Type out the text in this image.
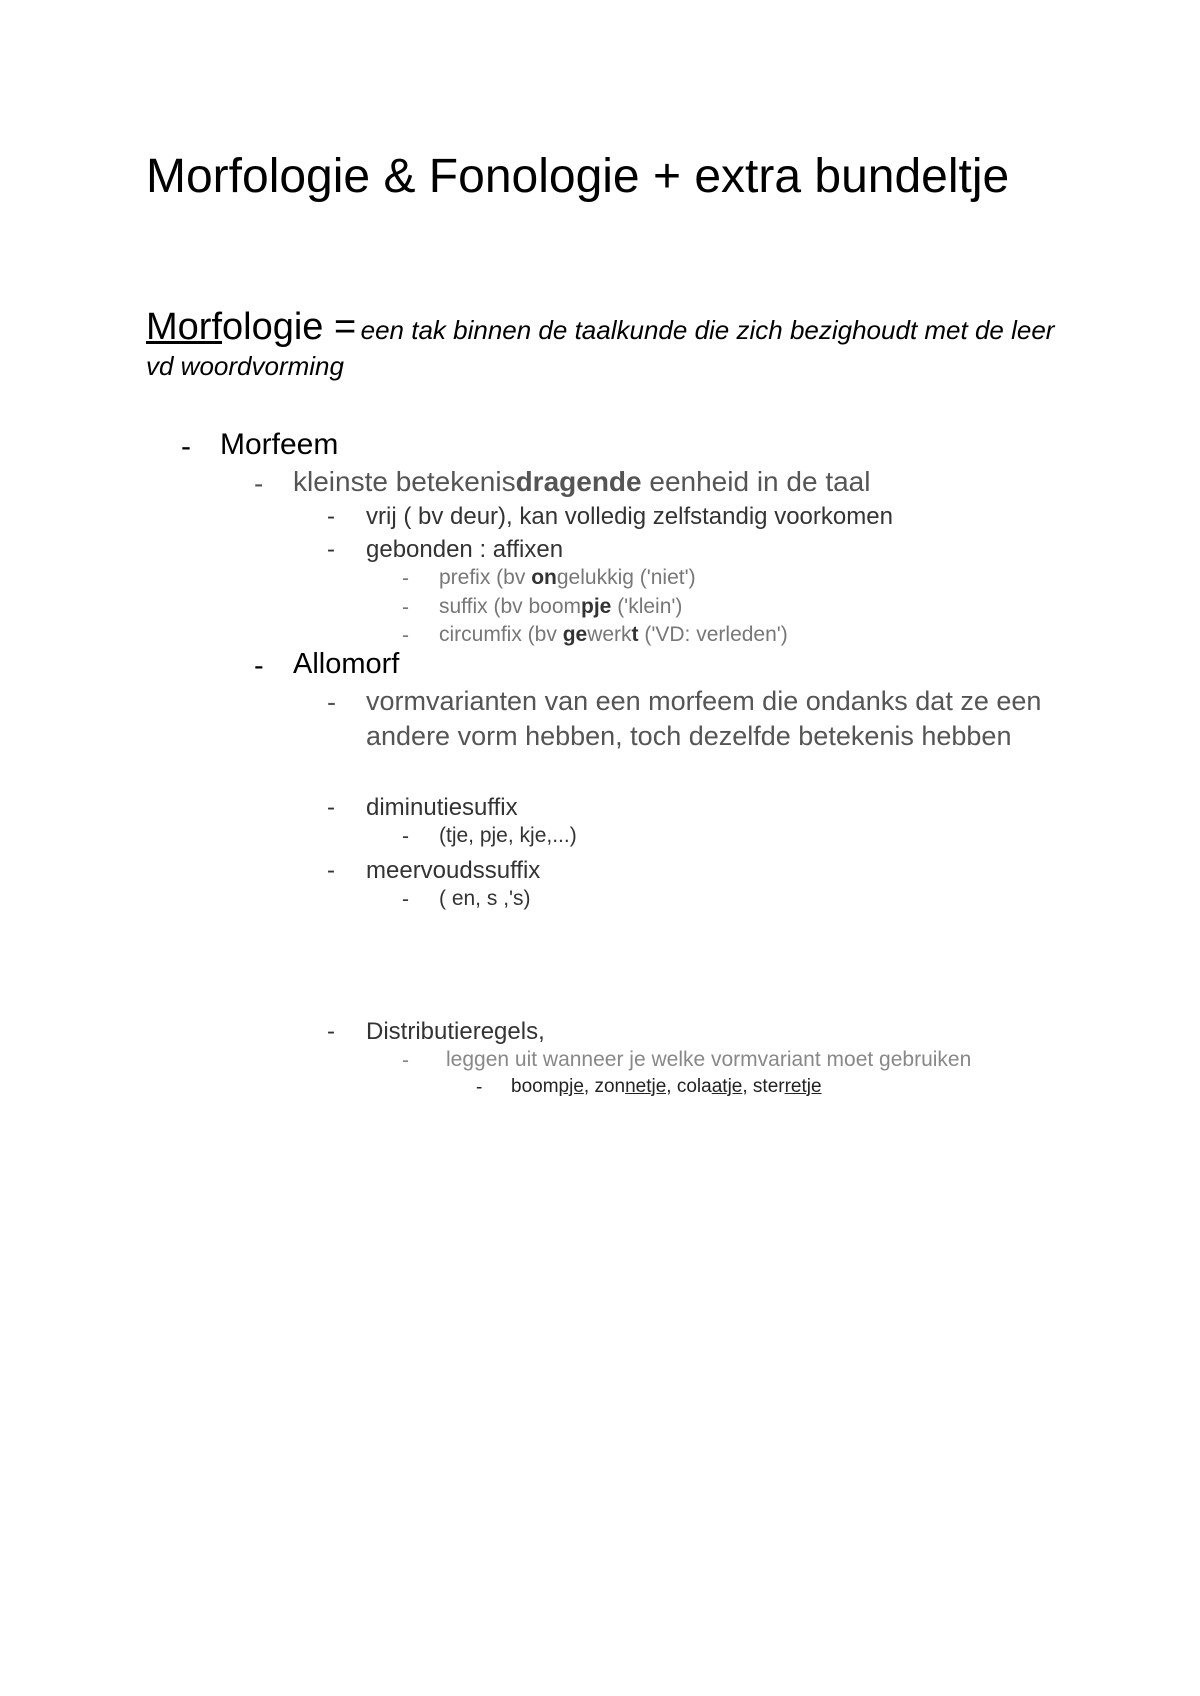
Morfologie & Fonologie + extra bundeltje

Morfologie = een tak binnen de taalkunde die zich bezighoudt met de leer vd woordvorming

- Morfeem
- kleinste betekenisdragende eenheid in de taal
- vrij ( bv deur), kan volledig zelfstandig voorkomen
- gebonden : affixen
- prefix (bv ongelukkig ('niet')
- suffix (bv boompje ('klein')
- circumfix (bv gewerkt ('VD: verleden')
- Allomorf
- vormvarianten van een morfeem die ondanks dat ze een andere vorm hebben, toch dezelfde betekenis hebben
- diminutiesuffix
- (tje, pje, kje,...)
- meervoudssuffix
- ( en, s ,'s)
- Distributieregels,
- leggen uit wanneer je welke vormvariant moet gebruiken
- boompje, zonnetje, colaatje, sterretje
